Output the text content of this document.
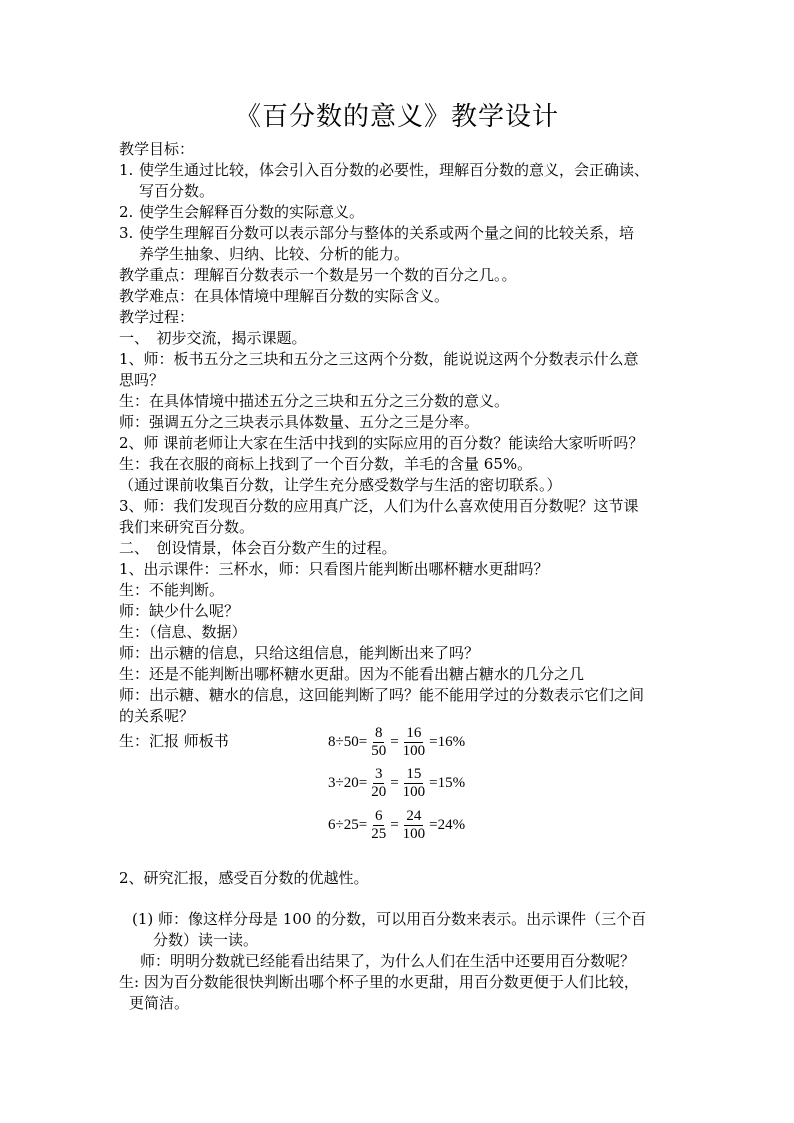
《百分数的意义》教学设计
教学目标：
1. 使学生通过比较，体会引入百分数的必要性，理解百分数的意义，会正确读、
写百分数。
2. 使学生会解释百分数的实际意义。
3. 使学生理解百分数可以表示部分与整体的关系或两个量之间的比较关系，培
养学生抽象、归纳、比较、分析的能力。
教学重点：理解百分数表示一个数是另一个数的百分之几。。
教学难点：在具体情境中理解百分数的实际含义。
教学过程：
一、　初步交流，揭示课题。
1、师：板书五分之三块和五分之三这两个分数，能说说这两个分数表示什么意
思吗？
生：在具体情境中描述五分之三块和五分之三分数的意义。
师：强调五分之三块表示具体数量、五分之三是分率。
2、师 课前老师让大家在生活中找到的实际应用的百分数？能读给大家听听吗？
生：我在衣服的商标上找到了一个百分数，羊毛的含量 65%。
（通过课前收集百分数，让学生充分感受数学与生活的密切联系。）
3、师：我们发现百分数的应用真广泛，人们为什么喜欢使用百分数呢？这节课
我们来研究百分数。
二、　创设情景，体会百分数产生的过程。
1、出示课件：三杯水，师：只看图片能判断出哪杯糖水更甜吗？
生：不能判断。
师：缺少什么呢？
生：（信息、数据）
师：出示糖的信息，只给这组信息，能判断出来了吗？
生：还是不能判断出哪杯糖水更甜。因为不能看出糖占糖水的几分之几
师：出示糖、糖水的信息，这回能判断了吗？能不能用学过的分数表示它们之间
的关系呢？
生：汇报 师板书	$8\div 50= \frac{8}{50} = \frac{16}{100} =16\%$
$3\div 20= \frac{3}{20} = \frac{15}{100} =15\%$
$6\div 25= \frac{6}{25} = \frac{24}{100} =24\%$
2、研究汇报，感受百分数的优越性。
(1) 师：像这样分母是 100 的分数，可以用百分数来表示。出示课件（三个百
分数）读一读。
师：明明分数就已经能看出结果了，为什么人们在生活中还要用百分数呢？
生: 因为百分数能很快判断出哪个杯子里的水更甜，用百分数更便于人们比较，
更简洁。
